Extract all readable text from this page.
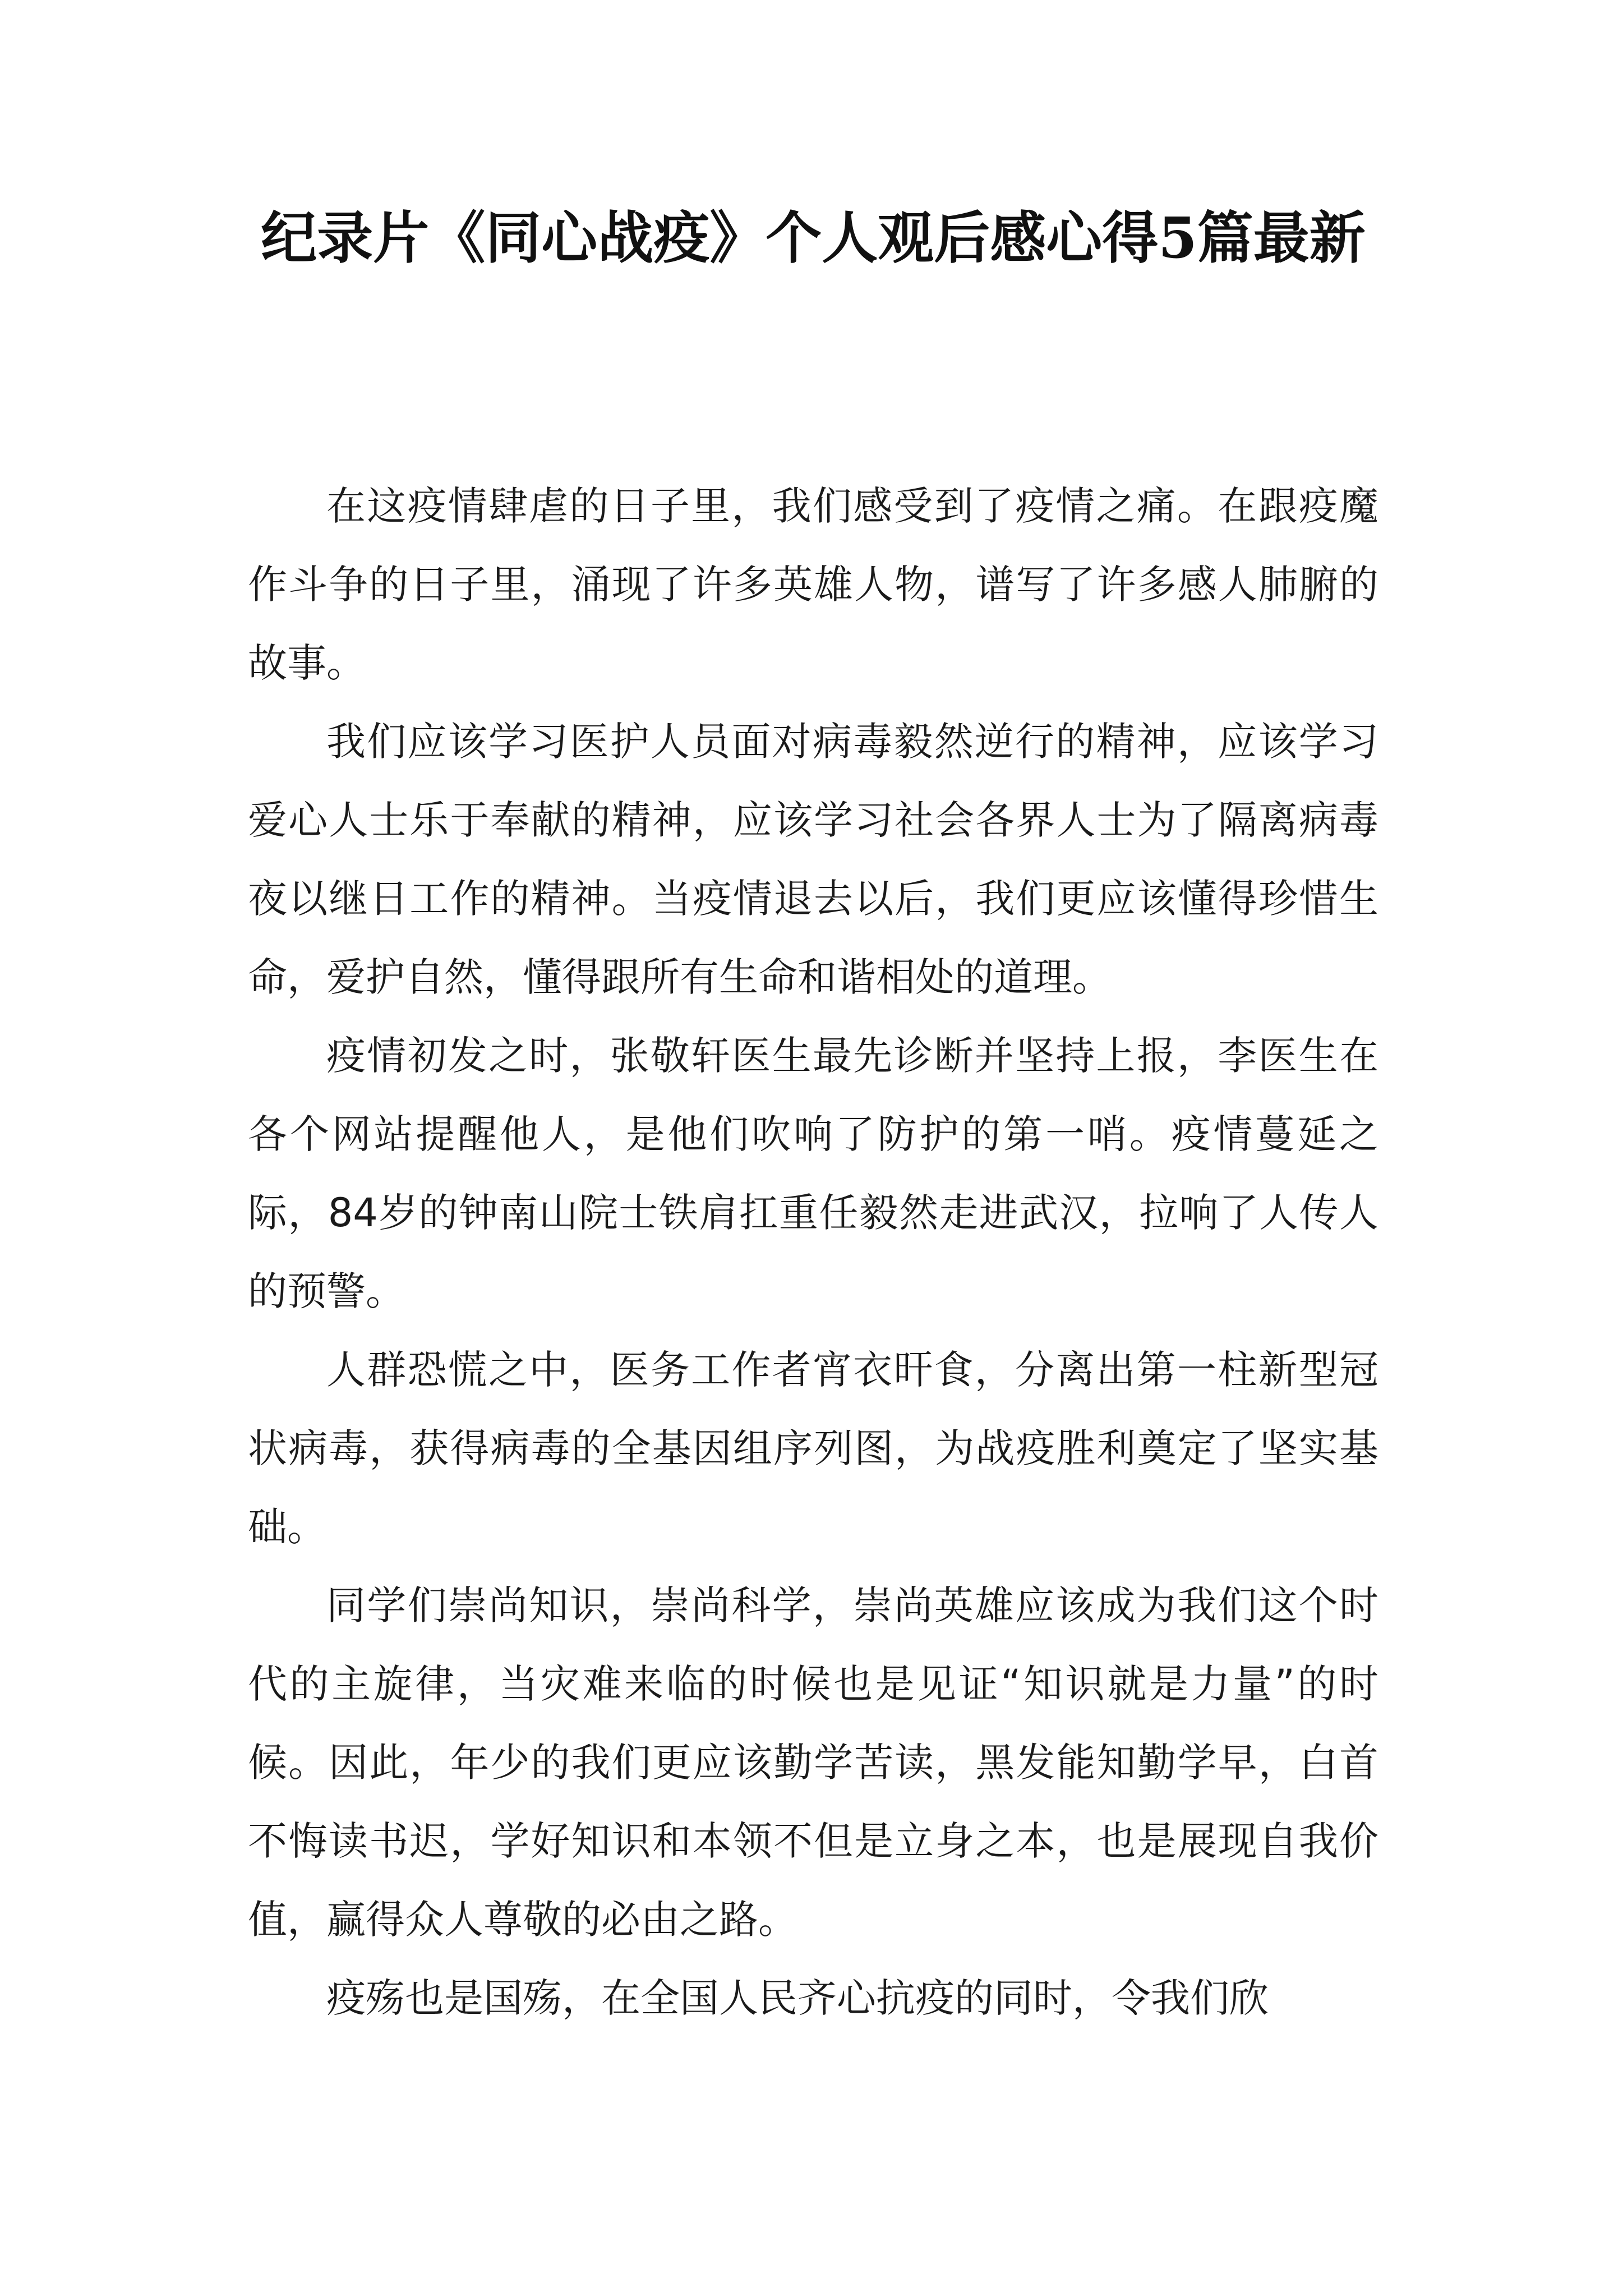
纪录片《同心战疫》个人观后感心得5篇最新

在这疫情肆虐的日子里，我们感受到了疫情之痛。在跟疫魔作斗争的日子里，涌现了许多英雄人物，谱写了许多感人肺腑的故事。

我们应该学习医护人员面对病毒毅然逆行的精神，应该学习爱心人士乐于奉献的精神，应该学习社会各界人士为了隔离病毒夜以继日工作的精神。当疫情退去以后，我们更应该懂得珍惜生命，爱护自然，懂得跟所有生命和谐相处的道理。

疫情初发之时，张敬轩医生最先诊断并坚持上报，李医生在各个网站提醒他人，是他们吹响了防护的第一哨。疫情蔓延之际，84岁的钟南山院士铁肩扛重任毅然走进武汉，拉响了人传人的预警。

人群恐慌之中，医务工作者宵衣旰食，分离出第一柱新型冠状病毒，获得病毒的全基因组序列图，为战疫胜利奠定了坚实基础。

同学们崇尚知识，崇尚科学，崇尚英雄应该成为我们这个时代的主旋律，当灾难来临的时候也是见证“知识就是力量”的时候。因此，年少的我们更应该勤学苦读，黑发能知勤学早，白首不悔读书迟，学好知识和本领不但是立身之本，也是展现自我价值，赢得众人尊敬的必由之路。

疫殇也是国殇，在全国人民齐心抗疫的同时，令我们欣
